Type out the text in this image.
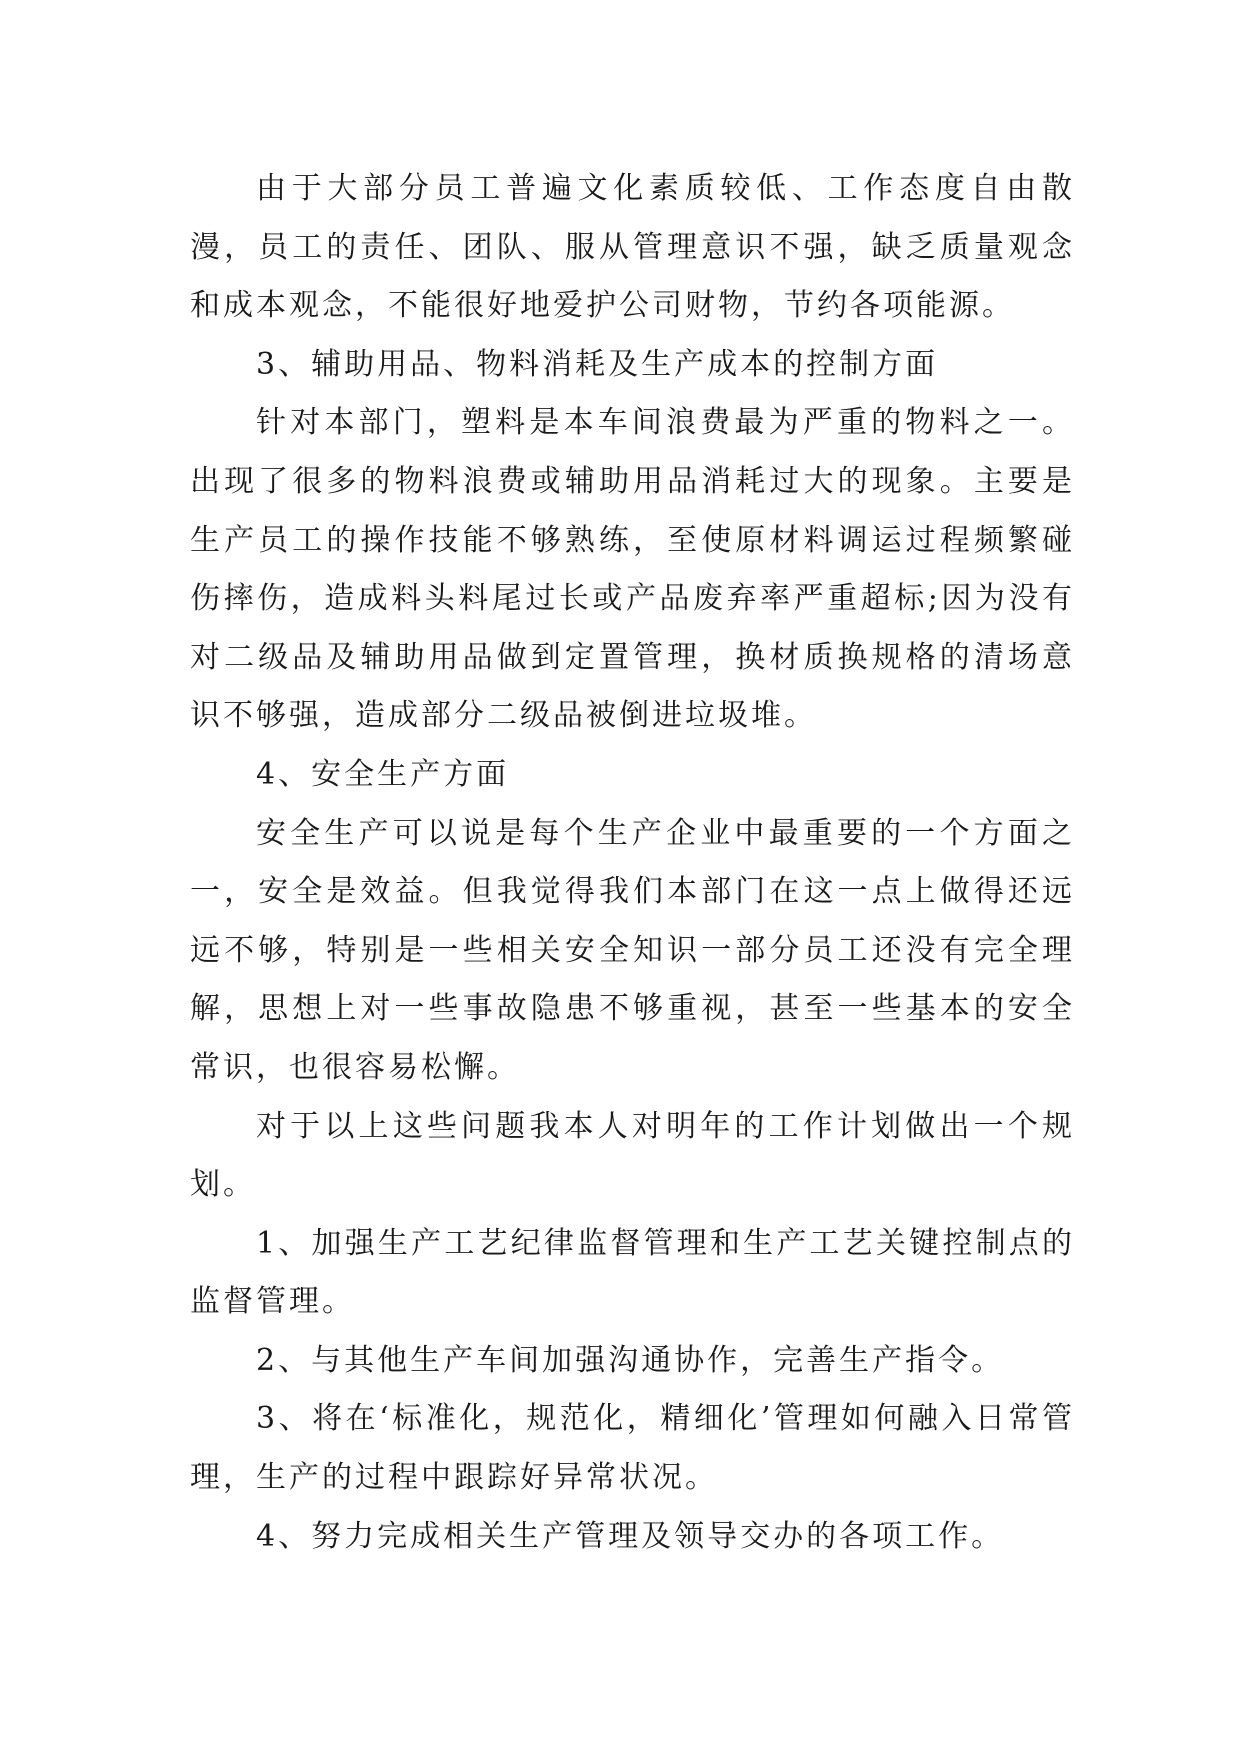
由于大部分员工普遍文化素质较低、工作态度自由散漫，员工的责任、团队、服从管理意识不强，缺乏质量观念和成本观念，不能很好地爱护公司财物，节约各项能源。

3、辅助用品、物料消耗及生产成本的控制方面

针对本部门，塑料是本车间浪费最为严重的物料之一。出现了很多的物料浪费或辅助用品消耗过大的现象。主要是生产员工的操作技能不够熟练，至使原材料调运过程频繁碰伤摔伤，造成料头料尾过长或产品废弃率严重超标;因为没有对二级品及辅助用品做到定置管理，换材质换规格的清场意识不够强，造成部分二级品被倒进垃圾堆。

4、安全生产方面

安全生产可以说是每个生产企业中最重要的一个方面之一，安全是效益。但我觉得我们本部门在这一点上做得还远远不够，特别是一些相关安全知识一部分员工还没有完全理解，思想上对一些事故隐患不够重视，甚至一些基本的安全常识，也很容易松懈。

对于以上这些问题我本人对明年的工作计划做出一个规划。

1、加强生产工艺纪律监督管理和生产工艺关键控制点的监督管理。

2、与其他生产车间加强沟通协作，完善生产指令。

3、将在‘标准化，规范化，精细化’管理如何融入日常管理，生产的过程中跟踪好异常状况。

4、努力完成相关生产管理及领导交办的各项工作。
